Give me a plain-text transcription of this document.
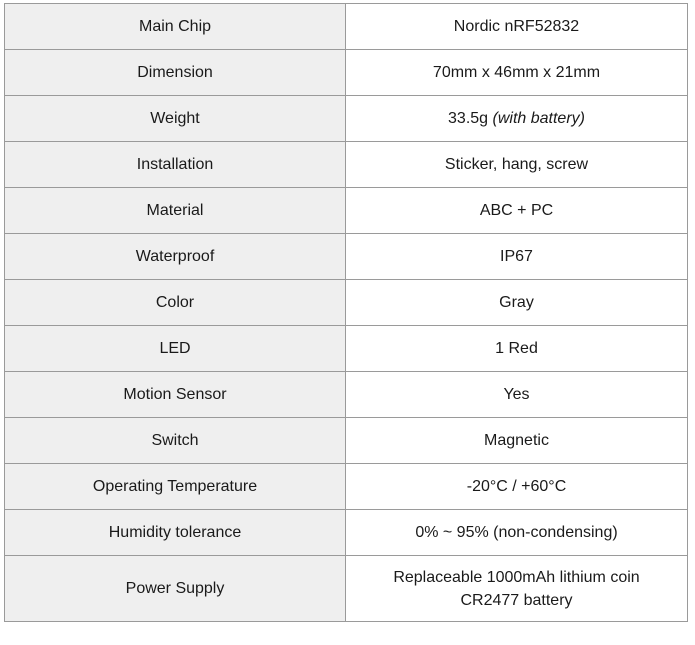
Main Chip	Nordic nRF52832
Dimension	70mm x 46mm x 21mm
Weight	33.5g (with battery)
Installation	Sticker, hang, screw
Material	ABC + PC
Waterproof	IP67
Color	Gray
LED	1 Red
Motion Sensor	Yes
Switch	Magnetic
Operating Temperature	-20°C / +60°C
Humidity tolerance	0% ~ 95% (non-condensing)
Power Supply	Replaceable 1000mAh lithium coin
CR2477 battery
